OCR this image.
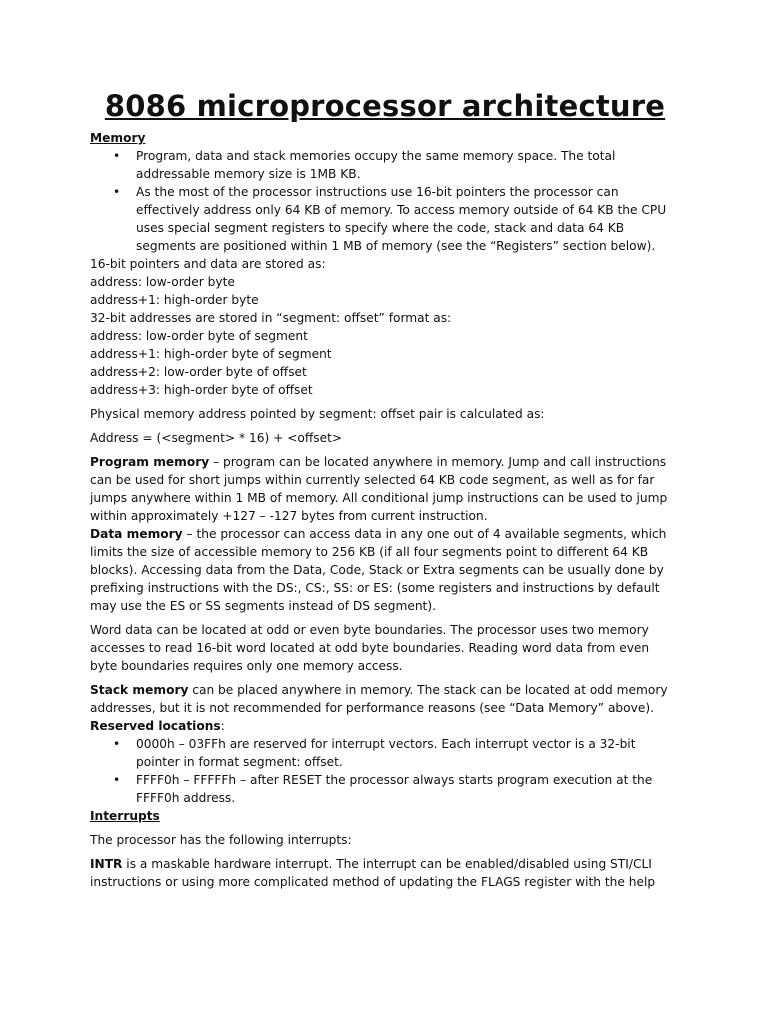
8086 microprocessor architecture
Memory
• Program, data and stack memories occupy the same memory space. The total addressable memory size is 1MB KB.
• As the most of the processor instructions use 16-bit pointers the processor can effectively address only 64 KB of memory. To access memory outside of 64 KB the CPU uses special segment registers to specify where the code, stack and data 64 KB segments are positioned within 1 MB of memory (see the “Registers” section below).
16-bit pointers and data are stored as:
address: low-order byte
address+1: high-order byte
32-bit addresses are stored in “segment: offset” format as:
address: low-order byte of segment
address+1: high-order byte of segment
address+2: low-order byte of offset
address+3: high-order byte of offset

Physical memory address pointed by segment: offset pair is calculated as:

Address = (<segment> * 16) + <offset>

Program memory – program can be located anywhere in memory. Jump and call instructions can be used for short jumps within currently selected 64 KB code segment, as well as for far jumps anywhere within 1 MB of memory. All conditional jump instructions can be used to jump within approximately +127 – -127 bytes from current instruction.

Data memory – the processor can access data in any one out of 4 available segments, which limits the size of accessible memory to 256 KB (if all four segments point to different 64 KB blocks). Accessing data from the Data, Code, Stack or Extra segments can be usually done by prefixing instructions with the DS:, CS:, SS: or ES: (some registers and instructions by default may use the ES or SS segments instead of DS segment).

Word data can be located at odd or even byte boundaries. The processor uses two memory accesses to read 16-bit word located at odd byte boundaries. Reading word data from even byte boundaries requires only one memory access.

Stack memory can be placed anywhere in memory. The stack can be located at odd memory addresses, but it is not recommended for performance reasons (see “Data Memory” above).

Reserved locations:
• 0000h – 03FFh are reserved for interrupt vectors. Each interrupt vector is a 32-bit pointer in format segment: offset.
• FFFF0h – FFFFFh – after RESET the processor always starts program execution at the FFFF0h address.
Interrupts

The processor has the following interrupts:

INTR is a maskable hardware interrupt. The interrupt can be enabled/disabled using STI/CLI instructions or using more complicated method of updating the FLAGS register with the help
